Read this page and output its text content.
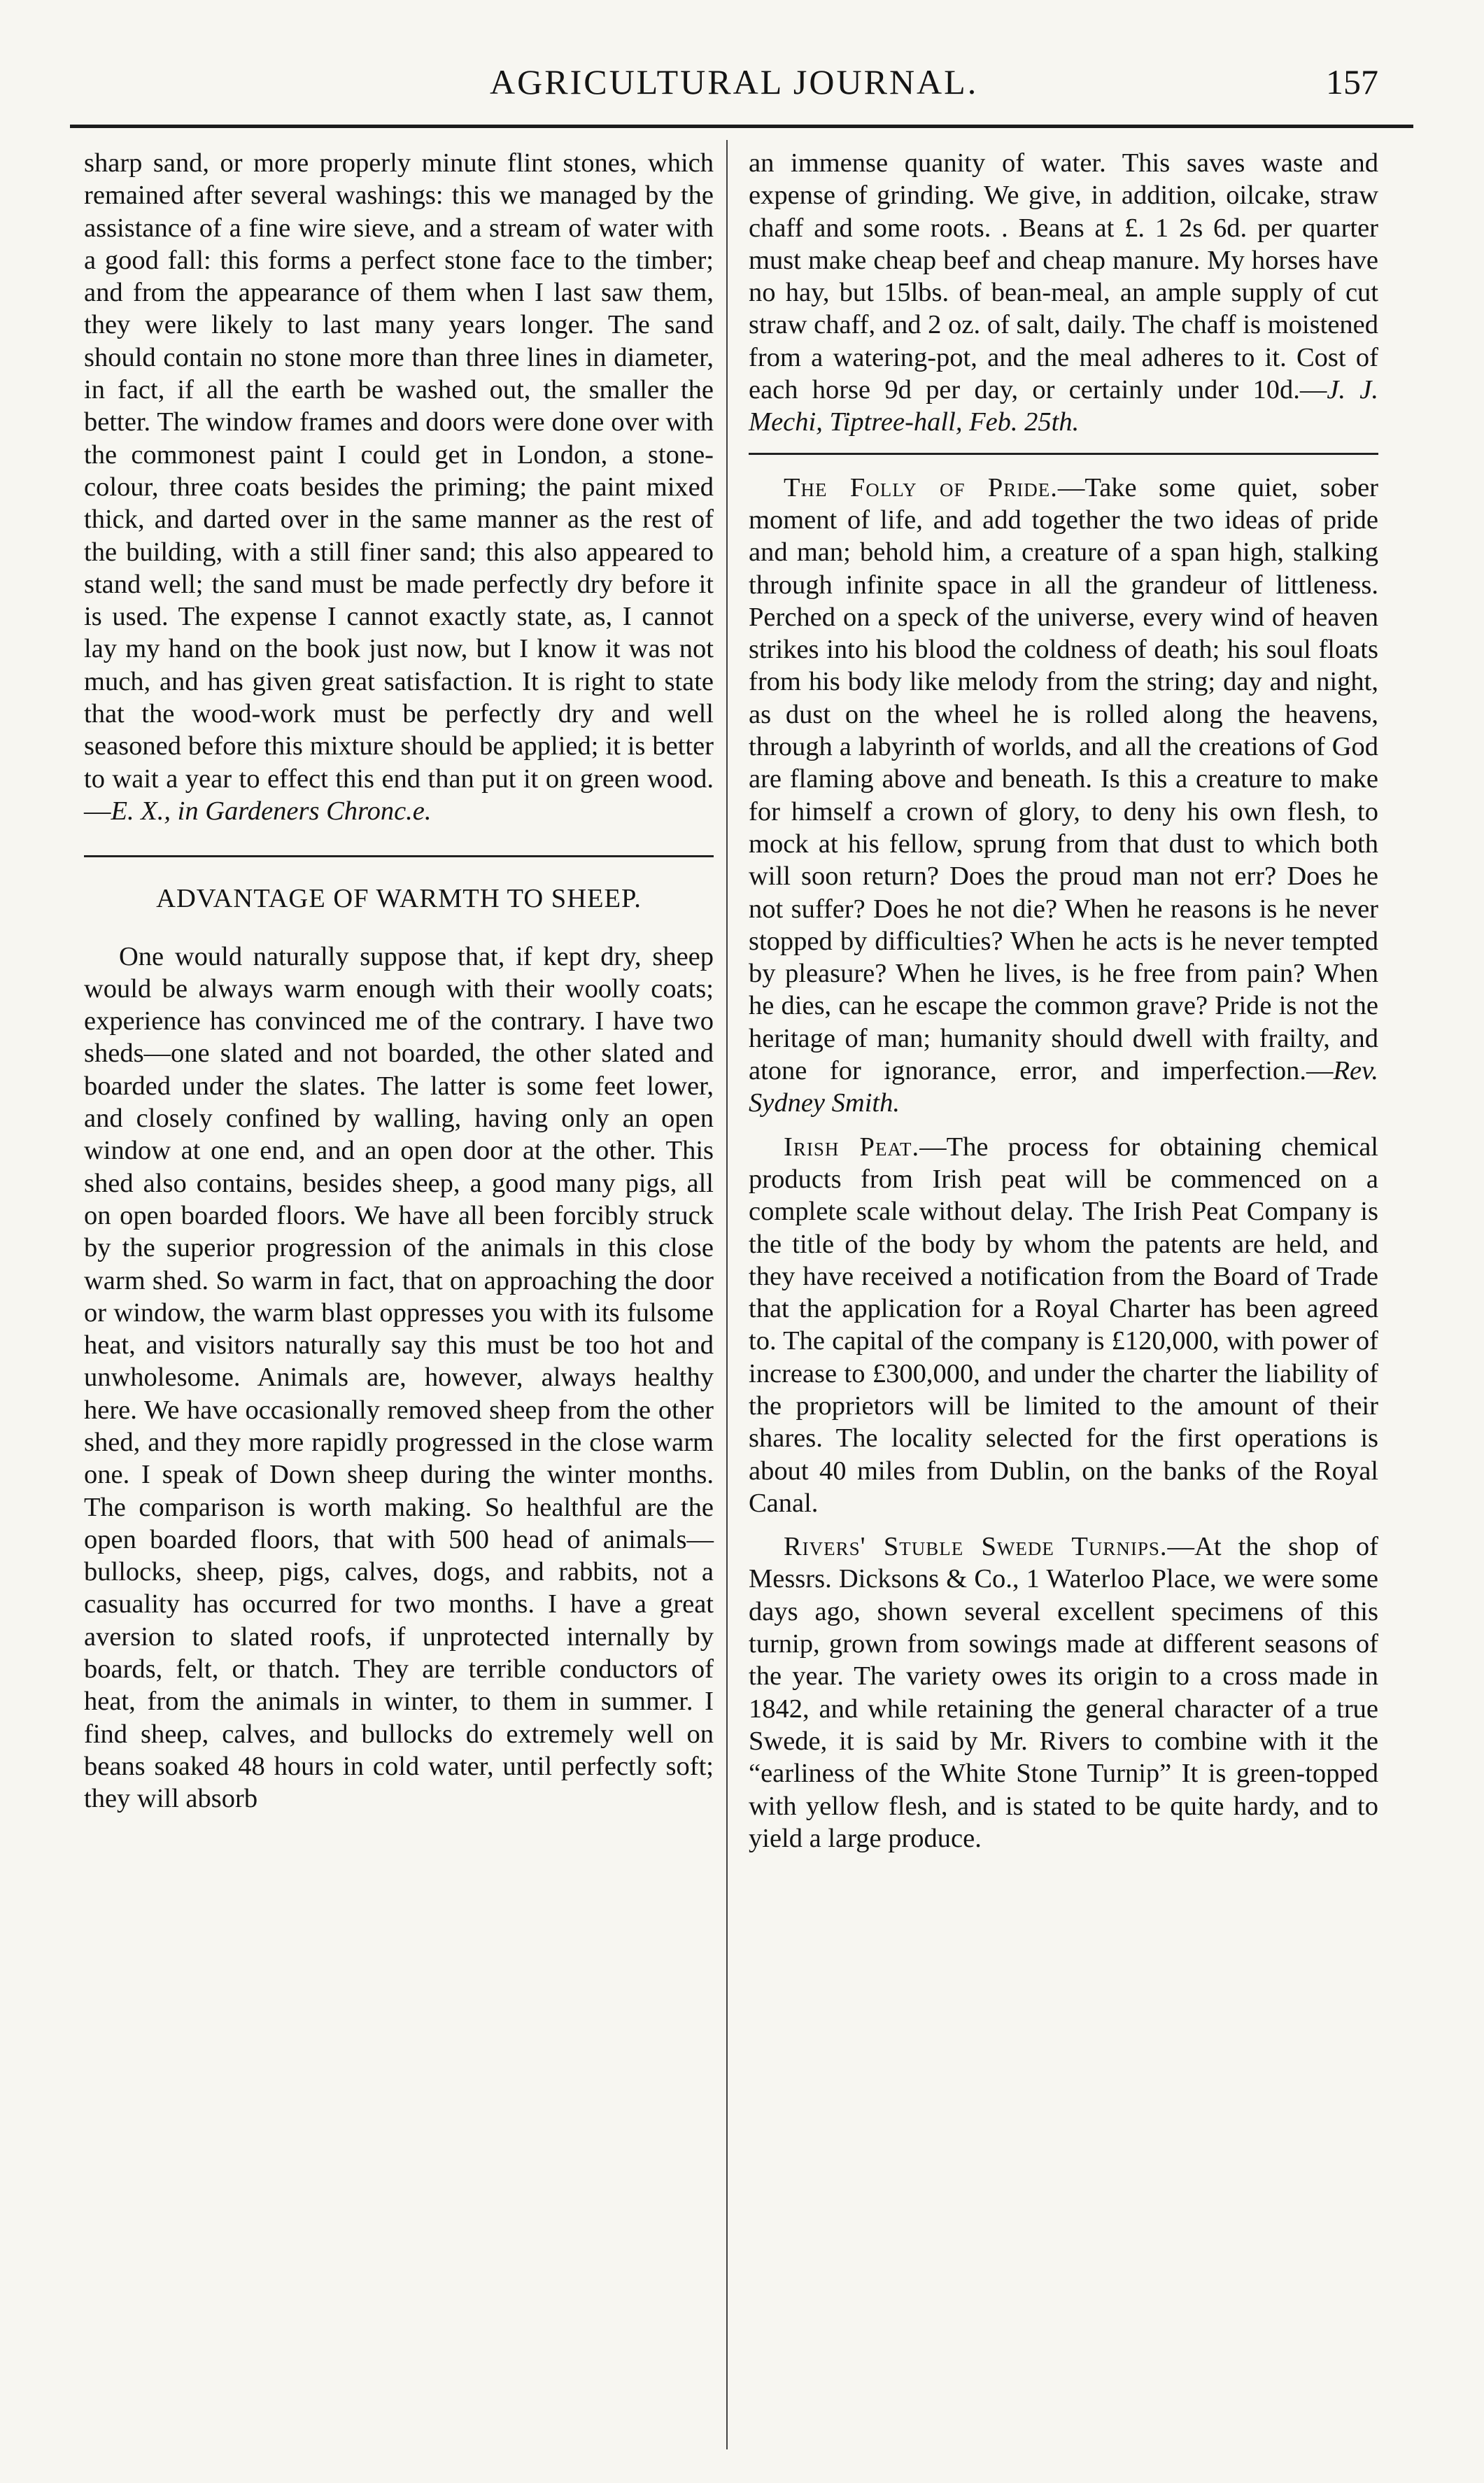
AGRICULTURAL JOURNAL.	157

sharp sand, or more properly minute flint stones, which remained after several washings: this we managed by the assistance of a fine wire sieve, and a stream of water with a good fall: this forms a perfect stone face to the timber; and from the appearance of them when I last saw them, they were likely to last many years longer. The sand should contain no stone more than three lines in diameter, in fact, if all the earth be washed out, the smaller the better. The window frames and doors were done over with the commonest paint I could get in London, a stone-colour, three coats besides the priming; the paint mixed thick, and darted over in the same manner as the rest of the building, with a still finer sand; this also appeared to stand well; the sand must be made perfectly dry before it is used. The expense I cannot exactly state, as, I cannot lay my hand on the book just now, but I know it was not much, and has given great satisfaction. It is right to state that the wood-work must be perfectly dry and well seasoned before this mixture should be applied; it is better to wait a year to effect this end than put it on green wood.—E. X., in Gardeners Chronc.e.

ADVANTAGE OF WARMTH TO SHEEP.

One would naturally suppose that, if kept dry, sheep would be always warm enough with their woolly coats; experience has convinced me of the contrary. I have two sheds—one slated and not boarded, the other slated and boarded under the slates. The latter is some feet lower, and closely confined by walling, having only an open window at one end, and an open door at the other. This shed also contains, besides sheep, a good many pigs, all on open boarded floors. We have all been forcibly struck by the superior progression of the animals in this close warm shed. So warm in fact, that on approaching the door or window, the warm blast oppresses you with its fulsome heat, and visitors naturally say this must be too hot and unwholesome. Animals are, however, always healthy here. We have occasionally removed sheep from the other shed, and they more rapidly progressed in the close warm one. I speak of Down sheep during the winter months. The comparison is worth making. So healthful are the open boarded floors, that with 500 head of animals—bullocks, sheep, pigs, calves, dogs, and rabbits, not a casuality has occurred for two months. I have a great aversion to slated roofs, if unprotected internally by boards, felt, or thatch. They are terrible conductors of heat, from the animals in winter, to them in summer. I find sheep, calves, and bullocks do extremely well on beans soaked 48 hours in cold water, until perfectly soft; they will absorb

an immense quanity of water. This saves waste and expense of grinding. We give, in addition, oilcake, straw chaff and some roots. . Beans at £. 1 2s 6d. per quarter must make cheap beef and cheap manure. My horses have no hay, but 15lbs. of bean-meal, an ample supply of cut straw chaff, and 2 oz. of salt, daily. The chaff is moistened from a watering-pot, and the meal adheres to it. Cost of each horse 9d per day, or certainly under 10d.—J. J. Mechi, Tiptree-hall, Feb. 25th.

The Folly of Pride.—Take some quiet, sober moment of life, and add together the two ideas of pride and man; behold him, a creature of a span high, stalking through infinite space in all the grandeur of littleness. Perched on a speck of the universe, every wind of heaven strikes into his blood the coldness of death; his soul floats from his body like melody from the string; day and night, as dust on the wheel he is rolled along the heavens, through a labyrinth of worlds, and all the creations of God are flaming above and beneath. Is this a creature to make for himself a crown of glory, to deny his own flesh, to mock at his fellow, sprung from that dust to which both will soon return? Does the proud man not err? Does he not suffer? Does he not die? When he reasons is he never stopped by difficulties? When he acts is he never tempted by pleasure? When he lives, is he free from pain? When he dies, can he escape the common grave? Pride is not the heritage of man; humanity should dwell with frailty, and atone for ignorance, error, and imperfection.—Rev. Sydney Smith.

Irish Peat.—The process for obtaining chemical products from Irish peat will be commenced on a complete scale without delay. The Irish Peat Company is the title of the body by whom the patents are held, and they have received a notification from the Board of Trade that the application for a Royal Charter has been agreed to. The capital of the company is £120,000, with power of increase to £300,000, and under the charter the liability of the proprietors will be limited to the amount of their shares. The locality selected for the first operations is about 40 miles from Dublin, on the banks of the Royal Canal.

Rivers' Stuble Swede Turnips.—At the shop of Messrs. Dicksons & Co., 1 Waterloo Place, we were some days ago, shown several excellent specimens of this turnip, grown from sowings made at different seasons of the year. The variety owes its origin to a cross made in 1842, and while retaining the general character of a true Swede, it is said by Mr. Rivers to combine with it the “earliness of the White Stone Turnip” It is green-topped with yellow flesh, and is stated to be quite hardy, and to yield a large produce.
